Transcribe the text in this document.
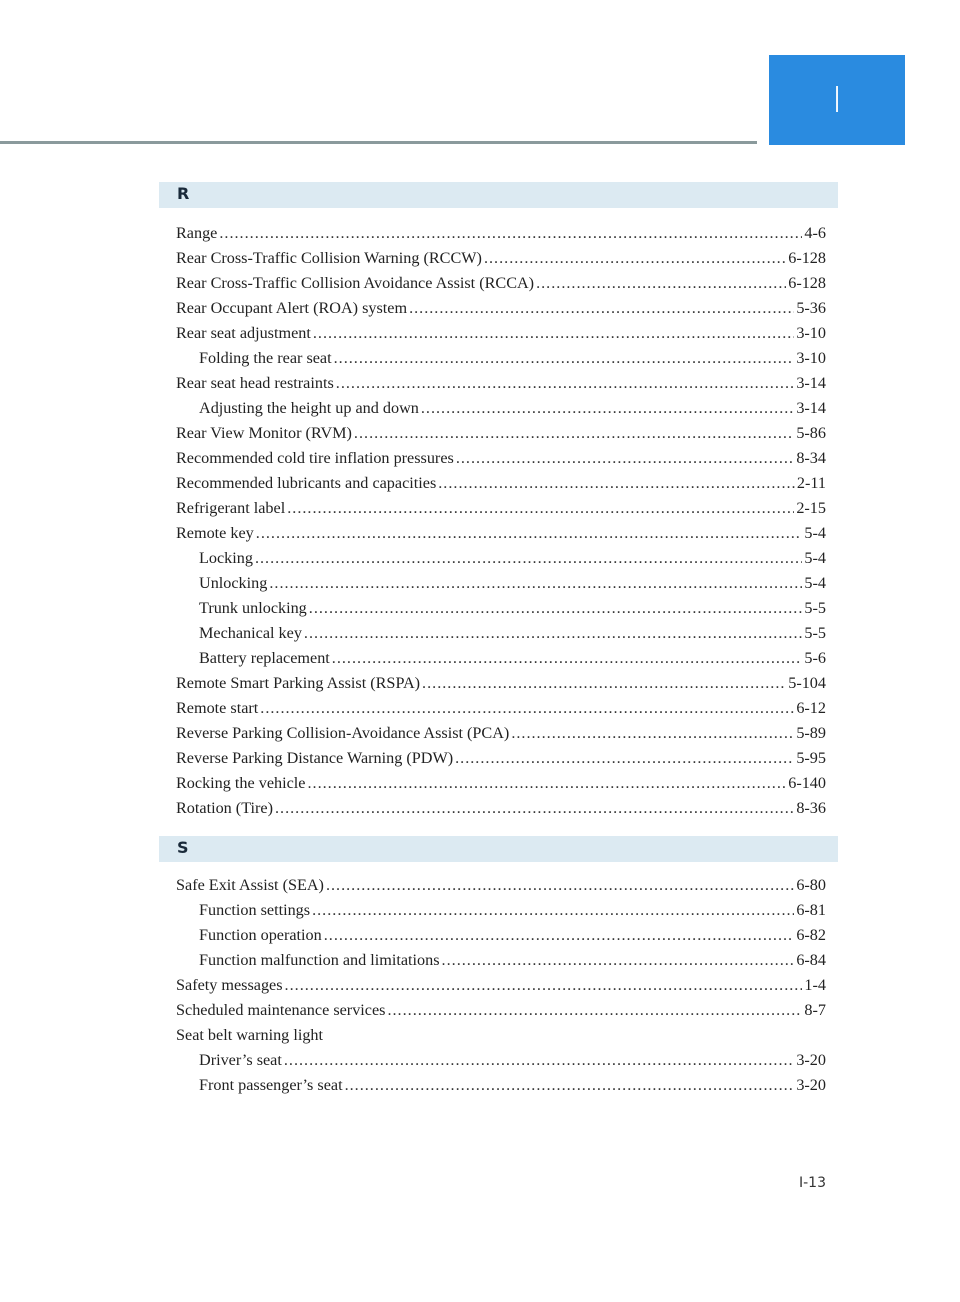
I
R
Range .....	4-6
Rear Cross-Traffic Collision Warning (RCCW) .....	6-128
Rear Cross-Traffic Collision Avoidance Assist (RCCA) .....	6-128
Rear Occupant Alert (ROA) system .....	5-36
Rear seat adjustment .....	3-10
Folding the rear seat .....	3-10
Rear seat head restraints .....	3-14
Adjusting the height up and down .....	3-14
Rear View Monitor (RVM) .....	5-86
Recommended cold tire inflation pressures .....	8-34
Recommended lubricants and capacities .....	2-11
Refrigerant label .....	2-15
Remote key .....	5-4
Locking .....	5-4
Unlocking .....	5-4
Trunk unlocking .....	5-5
Mechanical key .....	5-5
Battery replacement .....	5-6
Remote Smart Parking Assist (RSPA) .....	5-104
Remote start .....	6-12
Reverse Parking Collision-Avoidance Assist (PCA) .....	5-89
Reverse Parking Distance Warning (PDW) .....	5-95
Rocking the vehicle .....	6-140
Rotation (Tire) .....	8-36
S
Safe Exit Assist (SEA) .....	6-80
Function settings .....	6-81
Function operation .....	6-82
Function malfunction and limitations .....	6-84
Safety messages .....	1-4
Scheduled maintenance services .....	8-7
Seat belt warning light
Driver’s seat .....	3-20
Front passenger’s seat .....	3-20
I-13
